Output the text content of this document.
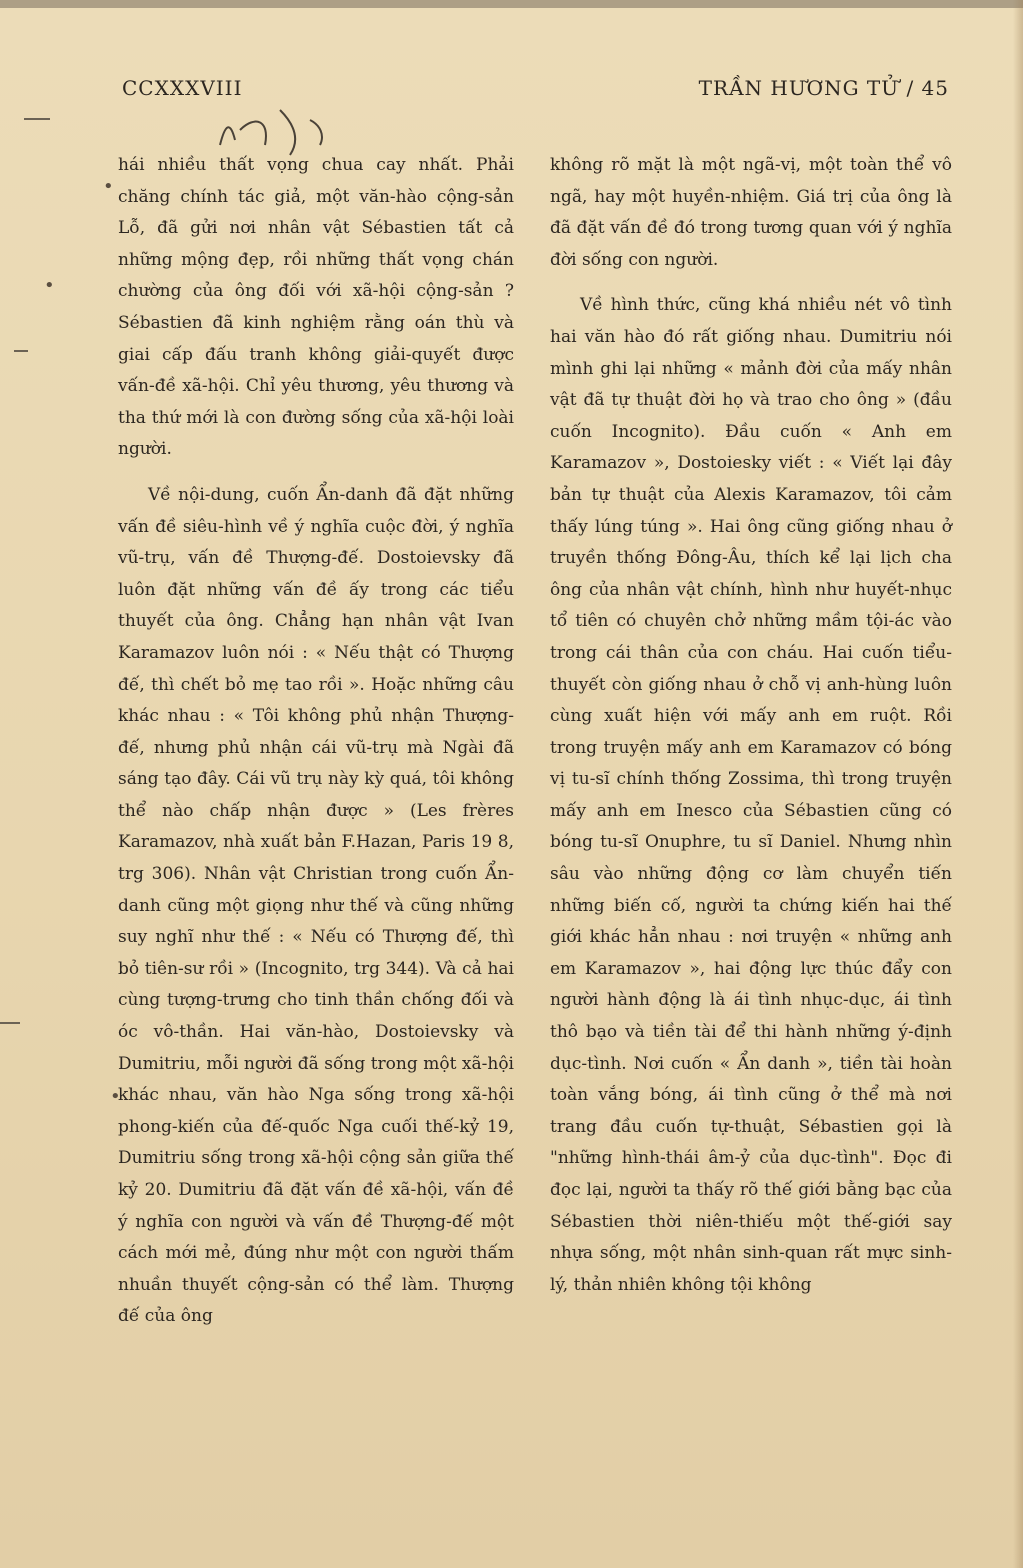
CCXXXVIII	TRẦN HƯƠNG TỬ / 45
•
•
•

hái nhiều thất vọng chua cay nhất. Phải chăng chính tác giả, một văn-hào cộng-sản Lỗ, đã gửi nơi nhân vật Sébastien tất cả những mộng đẹp, rồi những thất vọng chán chường của ông đối với xã-hội cộng-sản ? Sébastien đã kinh nghiệm rằng oán thù và giai cấp đấu tranh không giải-quyết được vấn-đề xã-hội. Chỉ yêu thương, yêu thương và tha thứ mới là con đường sống của xã-hội loài người.

Về nội-dung, cuốn Ẩn-danh đã đặt những vấn đề siêu-hình về ý nghĩa cuộc đời, ý nghĩa vũ-trụ, vấn đề Thượng-đế. Dostoievsky đã luôn đặt những vấn đề ấy trong các tiểu thuyết của ông. Chẳng hạn nhân vật Ivan Karamazov luôn nói : « Nếu thật có Thượng đế, thì chết bỏ mẹ tao rồi ». Hoặc những câu khác nhau : « Tôi không phủ nhận Thượng-đế, nhưng phủ nhận cái vũ-trụ mà Ngài đã sáng tạo đây. Cái vũ trụ này kỳ quá, tôi không thể nào chấp nhận được » (Les frères Karamazov, nhà xuất bản F.Hazan, Paris 19 8, trg 306). Nhân vật Christian trong cuốn Ẩn-danh cũng một giọng như thế và cũng những suy nghĩ như thế : « Nếu có Thượng đế, thì bỏ tiên-sư rồi » (Incognito, trg 344). Và cả hai cùng tượng-trưng cho tinh thần chống đối và óc vô-thần. Hai văn-hào, Dostoievsky và Dumitriu, mỗi người đã sống trong một xã-hội khác nhau, văn hào Nga sống trong xã-hội phong-kiến của đế-quốc Nga cuối thế-kỷ 19, Dumitriu sống trong xã-hội cộng sản giữa thế kỷ 20. Dumitriu đã đặt vấn đề xã-hội, vấn đề ý nghĩa con người và vấn đề Thượng-đế một cách mới mẻ, đúng như một con người thấm nhuần thuyết cộng-sản có thể làm. Thượng đế của ông

không rõ mặt là một ngã-vị, một toàn thể vô ngã, hay một huyền-nhiệm. Giá trị của ông là đã đặt vấn đề đó trong tương quan với ý nghĩa đời sống con người.

Về hình thức, cũng khá nhiều nét vô tình hai văn hào đó rất giống nhau. Dumitriu nói mình ghi lại những « mảnh đời của mấy nhân vật đã tự thuật đời họ và trao cho ông » (đầu cuốn Incognito). Đầu cuốn « Anh em Karamazov », Dostoiesky viết : « Viết lại đây bản tự thuật của Alexis Karamazov, tôi cảm thấy lúng túng ». Hai ông cũng giống nhau ở truyền thống Đông-Âu, thích kể lại lịch cha ông của nhân vật chính, hình như huyết-nhục tổ tiên có chuyên chở những mầm tội-ác vào trong cái thân của con cháu. Hai cuốn tiểu-thuyết còn giống nhau ở chỗ vị anh-hùng luôn cùng xuất hiện với mấy anh em ruột. Rồi trong truyện mấy anh em Karamazov có bóng vị tu-sĩ chính thống Zossima, thì trong truyện mấy anh em Inesco của Sébastien cũng có bóng tu-sĩ Onuphre, tu sĩ Daniel. Nhưng nhìn sâu vào những động cơ làm chuyển tiến những biến cố, người ta chứng kiến hai thế giới khác hẳn nhau : nơi truyện « những anh em Karamazov », hai động lực thúc đẩy con người hành động là ái tình nhục-dục, ái tình thô bạo và tiền tài để thi hành những ý-định dục-tình. Nơi cuốn « Ẩn danh », tiền tài hoàn toàn vắng bóng, ái tình cũng ở thể mà nơi trang đầu cuốn tự-thuật, Sébastien gọi là "những hình-thái âm-ỷ của dục-tình". Đọc đi đọc lại, người ta thấy rõ thế giới bằng bạc của Sébastien thời niên-thiếu một thế-giới say nhựa sống, một nhân sinh-quan rất mực sinh-lý, thản nhiên không tội không
